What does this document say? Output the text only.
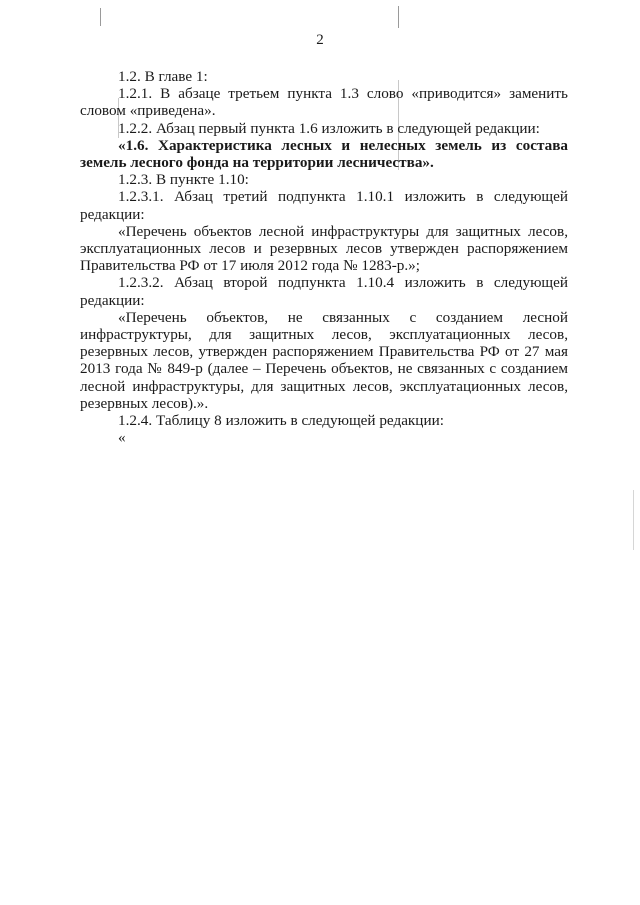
2

1.2. В главе 1:

1.2.1. В абзаце третьем пункта 1.3 слово «приводится» заменить словом «приведена».

1.2.2. Абзац первый пункта 1.6 изложить в следующей редакции:

«1.6. Характеристика лесных и нелесных земель из состава земель лесного фонда на территории лесничества».

1.2.3. В пункте 1.10:

1.2.3.1. Абзац третий подпункта 1.10.1 изложить в следующей редакции:

«Перечень объектов лесной инфраструктуры для защитных лесов, эксплуатационных лесов и резервных лесов утвержден распоряжением Правительства РФ от 17 июля 2012 года № 1283-р.»;

1.2.3.2. Абзац второй подпункта 1.10.4 изложить в следующей редакции:

«Перечень объектов, не связанных с созданием лесной инфраструктуры, для защитных лесов, эксплуатационных лесов, резервных лесов, утвержден распоряжением Правительства РФ от 27 мая 2013 года № 849-р (далее – Перечень объектов, не связанных с созданием лесной инфраструктуры, для защитных лесов, эксплуатационных лесов, резервных лесов).».

1.2.4. Таблицу 8 изложить в следующей редакции:

«
